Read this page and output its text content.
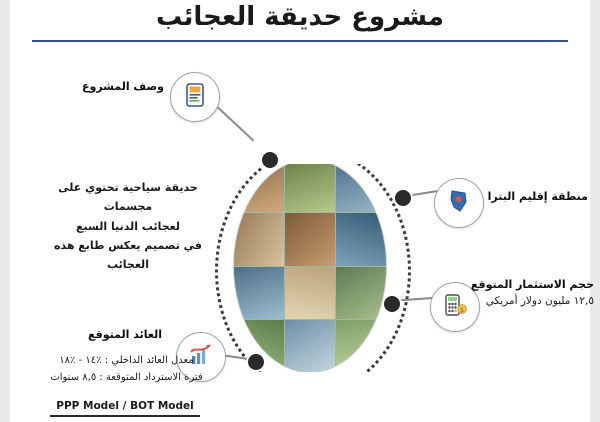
مشروع حديقة العجائب
وصف المشروع
منطقة إقليم البترا
$
حجم الاستثمار المتوقع
١٢,٥ مليون دولار أمريكي
العائد المتوقع
حديقة سياحية تحتوي على مجسمات
لعجائب الدنيا السبع
في تصميم يعكس طابع هذه العجائب
معدل العائد الداخلي : ٪١٤ - ٪١٨
فترة الاسترداد المتوقعة : ٨,٥ سنوات
PPP Model / BOT Model
